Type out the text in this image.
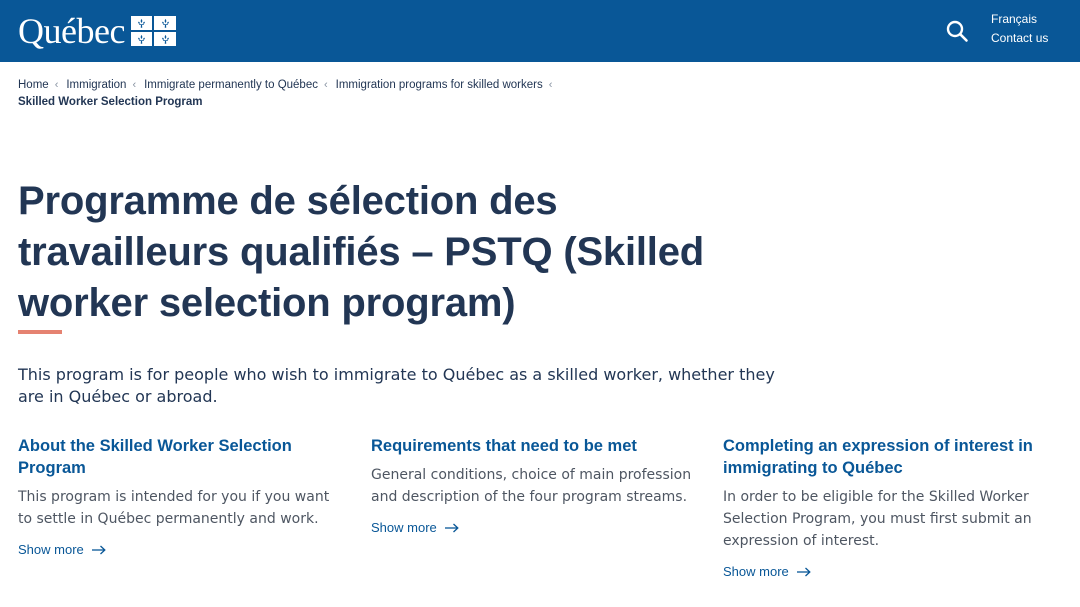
Québec	Français
Contact us
Home ‹ Immigration ‹ Immigrate permanently to Québec ‹ Immigration programs for skilled workers ‹
Skilled Worker Selection Program
Programme de sélection des travailleurs qualifiés – PSTQ (Skilled worker selection program)

This program is for people who wish to immigrate to Québec as a skilled worker, whether they are in Québec or abroad.

About the Skilled Worker Selection Program

This program is intended for you if you want to settle in Québec permanently and work.

Show more
Requirements that need to be met

General conditions, choice of main profession and description of the four program streams.

Show more
Completing an expression of interest in immigrating to Québec

In order to be eligible for the Skilled Worker Selection Program, you must first submit an expression of interest.

Show more
